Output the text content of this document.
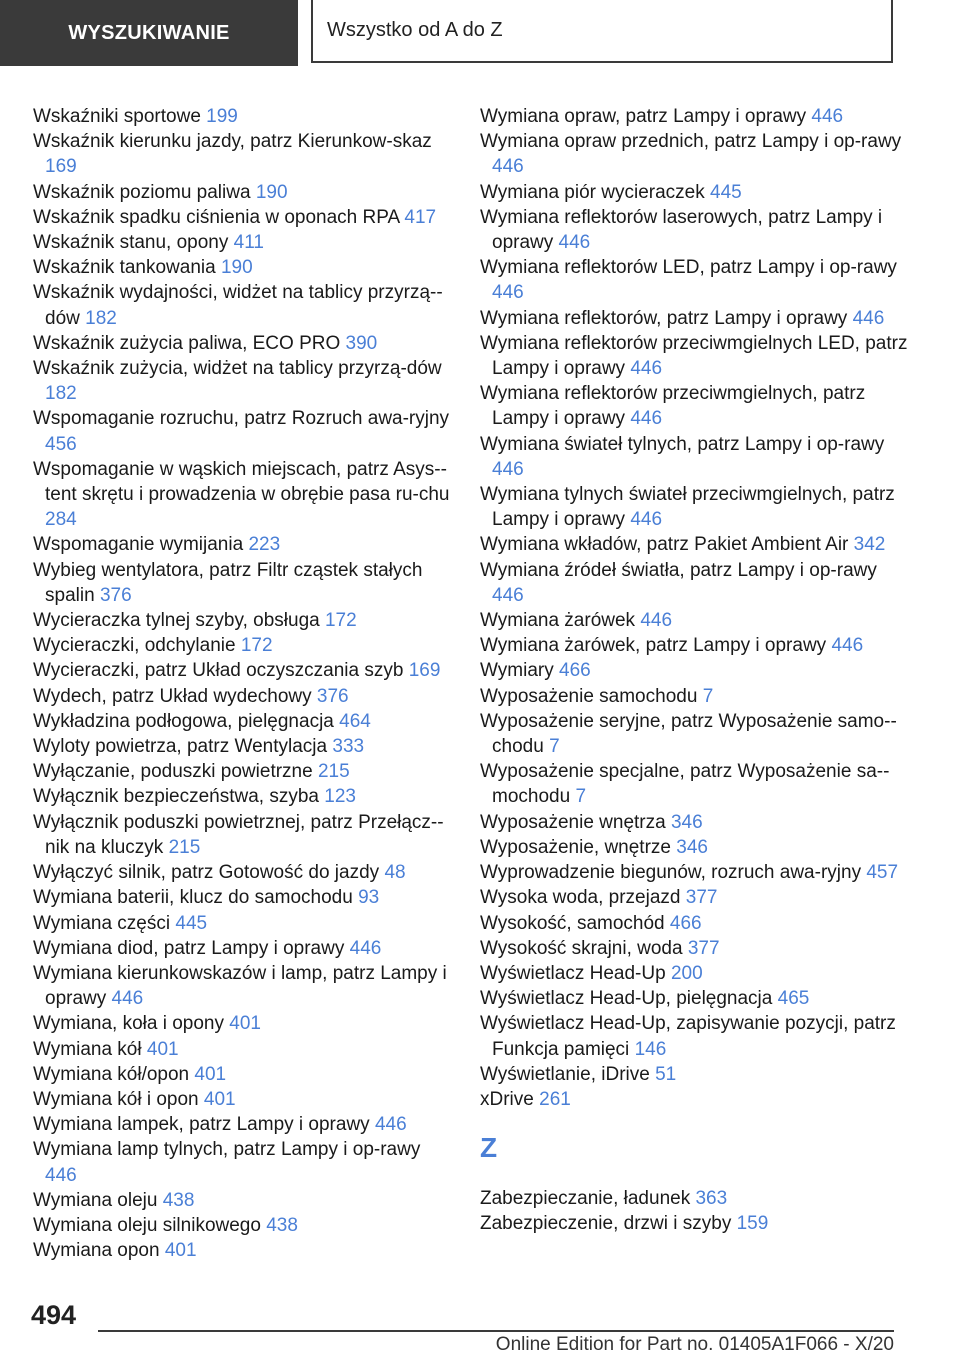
WYSZUKIWANIE	Wszystko od A do Z
Wskaźniki sportowe 199
Wskaźnik kierunku jazdy, patrz Kierunkow-skaz 169
Wskaźnik poziomu paliwa 190
Wskaźnik spadku ciśnienia w oponach RPA 417
Wskaźnik stanu, opony 411
Wskaźnik tankowania 190
Wskaźnik wydajności, widżet na tablicy przyrzą-dów 182
Wskaźnik zużycia paliwa, ECO PRO 390
Wskaźnik zużycia, widżet na tablicy przyrzą-dów 182
Wspomaganie rozruchu, patrz Rozruch awa-ryjny 456
Wspomaganie w wąskich miejscach, patrz Asys-tent skrętu i prowadzenia w obrębie pasa ru-chu 284
Wspomaganie wymijania 223
Wybieg wentylatora, patrz Filtr cząstek stałych spalin 376
Wycieraczka tylnej szyby, obsługa 172
Wycieraczki, odchylanie 172
Wycieraczki, patrz Układ oczyszczania szyb 169
Wydech, patrz Układ wydechowy 376
Wykładzina podłogowa, pielęgnacja 464
Wyloty powietrza, patrz Wentylacja 333
Wyłączanie, poduszki powietrzne 215
Wyłącznik bezpieczeństwa, szyba 123
Wyłącznik poduszki powietrznej, patrz Przełącz-nik na kluczyk 215
Wyłączyć silnik, patrz Gotowość do jazdy 48
Wymiana baterii, klucz do samochodu 93
Wymiana części 445
Wymiana diod, patrz Lampy i oprawy 446
Wymiana kierunkowskazów i lamp, patrz Lampy i oprawy 446
Wymiana, koła i opony 401
Wymiana kół 401
Wymiana kół/opon 401
Wymiana kół i opon 401
Wymiana lampek, patrz Lampy i oprawy 446
Wymiana lamp tylnych, patrz Lampy i op-rawy 446
Wymiana oleju 438
Wymiana oleju silnikowego 438
Wymiana opon 401
Wymiana opraw, patrz Lampy i oprawy 446
Wymiana opraw przednich, patrz Lampy i op-rawy 446
Wymiana piór wycieraczek 445
Wymiana reflektorów laserowych, patrz Lampy i oprawy 446
Wymiana reflektorów LED, patrz Lampy i op-rawy 446
Wymiana reflektorów, patrz Lampy i oprawy 446
Wymiana reflektorów przeciwmgielnych LED, patrz Lampy i oprawy 446
Wymiana reflektorów przeciwmgielnych, patrz Lampy i oprawy 446
Wymiana świateł tylnych, patrz Lampy i op-rawy 446
Wymiana tylnych świateł przeciwmgielnych, patrz Lampy i oprawy 446
Wymiana wkładów, patrz Pakiet Ambient Air 342
Wymiana źródeł światła, patrz Lampy i op-rawy 446
Wymiana żarówek 446
Wymiana żarówek, patrz Lampy i oprawy 446
Wymiary 466
Wyposażenie samochodu 7
Wyposażenie seryjne, patrz Wyposażenie samo-chodu 7
Wyposażenie specjalne, patrz Wyposażenie sa-mochodu 7
Wyposażenie wnętrza 346
Wyposażenie, wnętrze 346
Wyprowadzenie biegunów, rozruch awa-ryjny 457
Wysoka woda, przejazd 377
Wysokość, samochód 466
Wysokość skrajni, woda 377
Wyświetlacz Head-Up 200
Wyświetlacz Head-Up, pielęgnacja 465
Wyświetlacz Head-Up, zapisywanie pozycji, patrz Funkcja pamięci 146
Wyświetlanie, iDrive 51
xDrive 261
Z
Zabezpieczanie, ładunek 363
Zabezpieczenie, drzwi i szyby 159
494
Online Edition for Part no. 01405A1F066 - X/20
